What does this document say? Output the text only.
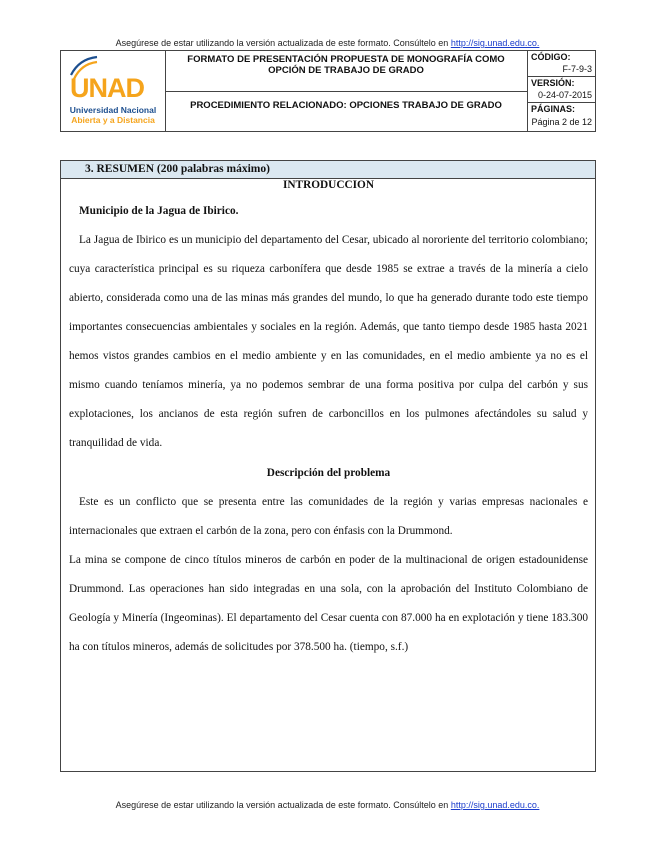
Asegúrese de estar utilizando la versión actualizada de este formato. Consúltelo en http://sig.unad.edu.co.
UNAD
Universidad Nacional
Abierta y a Distancia
FORMATO DE PRESENTACIÓN PROPUESTA DE MONOGRAFÍA COMO OPCIÓN DE TRABAJO DE GRADO
PROCEDIMIENTO RELACIONADO: OPCIONES TRABAJO DE GRADO
CÓDIGO:
F-7-9-3
VERSIÓN:
0-24-07-2015
PÁGINAS:
Página 2 de 12
3. RESUMEN (200 palabras máximo)
INTRODUCCION
Municipio de la Jagua de Ibirico.

La Jagua de Ibirico es un municipio del departamento del Cesar, ubicado al nororiente del territorio colombiano; cuya característica principal es su riqueza carbonífera que desde 1985 se extrae a través de la minería a cielo abierto, considerada como una de las minas más grandes del mundo, lo que ha generado durante todo este tiempo importantes consecuencias ambientales y sociales en la región. Además, que tanto tiempo desde 1985 hasta 2021 hemos vistos grandes cambios en el medio ambiente y en las comunidades, en el medio ambiente ya no es el mismo cuando teníamos minería, ya no podemos sembrar de una forma positiva por culpa del carbón y sus explotaciones, los ancianos de esta región sufren de carboncillos en los pulmones afectándoles su salud y tranquilidad de vida.

Descripción del problema

Este es un conflicto que se presenta entre las comunidades de la región y varias empresas nacionales e internacionales que extraen el carbón de la zona, pero con énfasis con la Drummond.

La mina se compone de cinco títulos mineros de carbón en poder de la multinacional de origen estadounidense Drummond. Las operaciones han sido integradas en una sola, con la aprobación del Instituto Colombiano de Geología y Minería (Ingeominas). El departamento del Cesar cuenta con 87.000 ha en explotación y tiene 183.300 ha con títulos mineros, además de solicitudes por 378.500 ha. (tiempo, s.f.)

Asegúrese de estar utilizando la versión actualizada de este formato. Consúltelo en http://sig.unad.edu.co.
